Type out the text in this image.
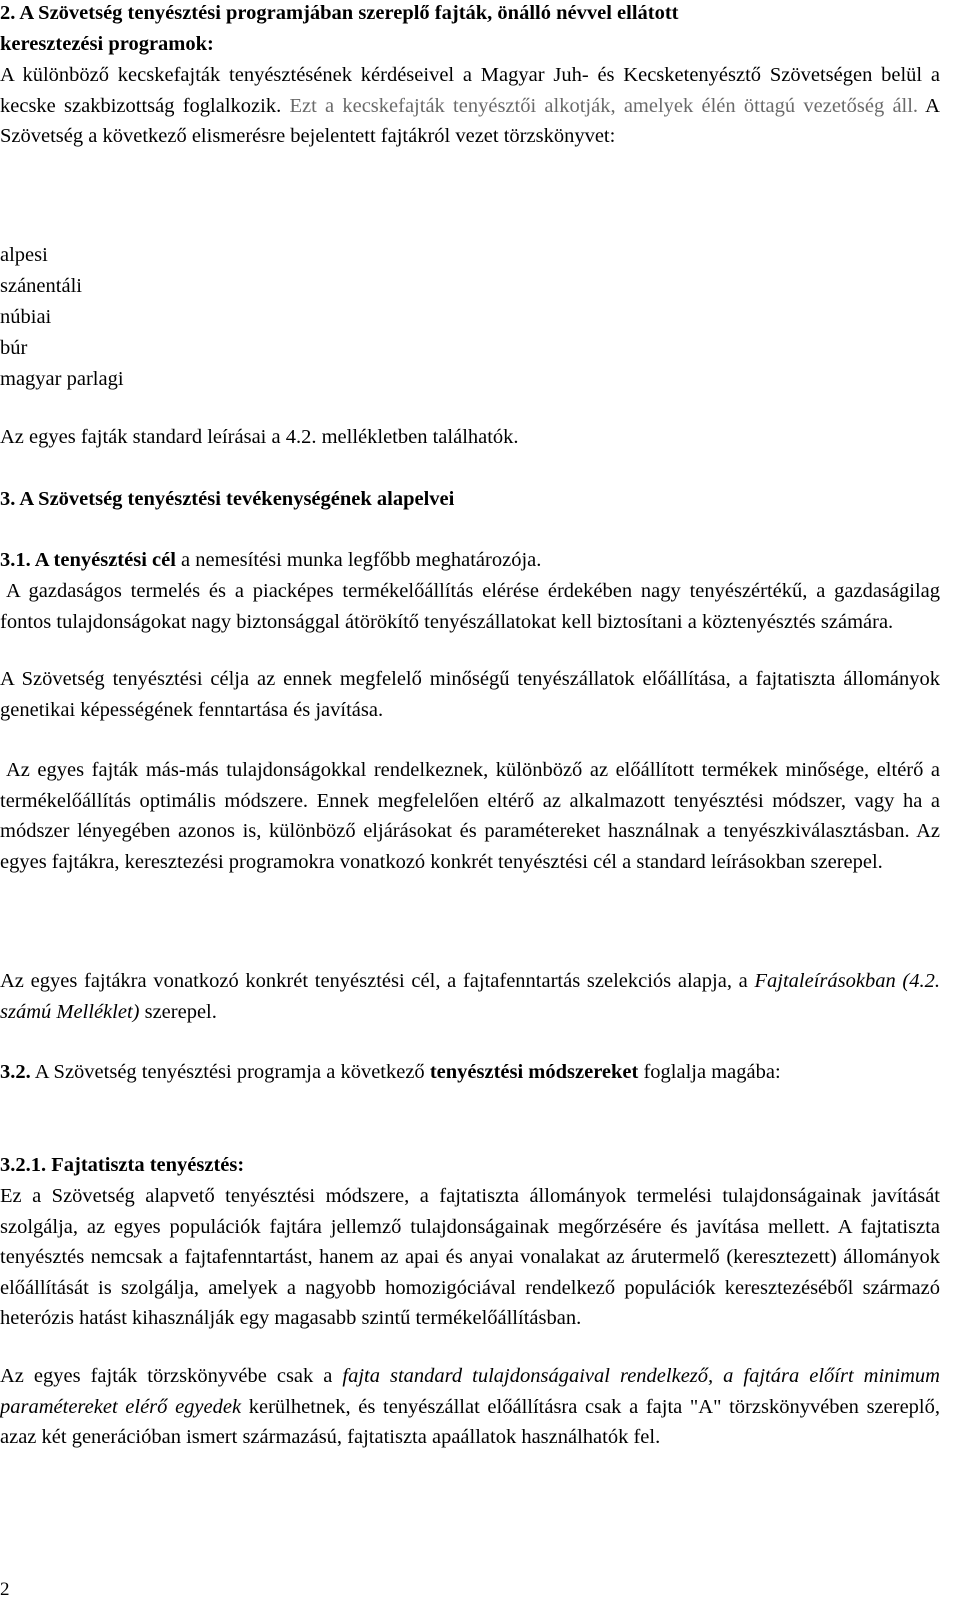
2. A Szövetség tenyésztési programjában szereplő fajták, önálló névvel ellátott
keresztezési programok:

A különböző kecskefajták tenyésztésének kérdéseivel a Magyar Juh- és Kecsketenyésztő Szövetségen belül a kecske szakbizottság foglalkozik. Ezt a kecskefajták tenyésztői alkotják, amelyek élén öttagú vezetőség áll. A Szövetség a következő elismerésre bejelentett fajtákról vezet törzskönyvet:

alpesi
szánentáli
núbiai
búr
magyar parlagi

Az egyes fajták standard leírásai a 4.2. mellékletben találhatók.

3. A Szövetség tenyésztési tevékenységének alapelvei

3.1. A tenyésztési cél a nemesítési munka legfőbb meghatározója.

A gazdaságos termelés és a piacképes termékelőállítás elérése érdekében nagy tenyészértékű, a gazdaságilag fontos tulajdonságokat nagy biztonsággal átörökítő tenyészállatokat kell biztosítani a köztenyésztés számára.

A Szövetség tenyésztési célja az ennek megfelelő minőségű tenyészállatok előállítása, a fajtatiszta állományok genetikai képességének fenntartása és javítása.

Az egyes fajták más-más tulajdonságokkal rendelkeznek, különböző az előállított termékek minősége, eltérő a termékelőállítás optimális módszere. Ennek megfelelően eltérő az alkalmazott tenyésztési módszer, vagy ha a módszer lényegében azonos is, különböző eljárásokat és paramétereket használnak a tenyészkiválasztásban. Az egyes fajtákra, keresztezési programokra vonatkozó konkrét tenyésztési cél a standard leírásokban szerepel.

Az egyes fajtákra vonatkozó konkrét tenyésztési cél, a fajtafenntartás szelekciós alapja, a Fajtaleírásokban (4.2. számú Melléklet) szerepel.

3.2. A Szövetség tenyésztési programja a következő tenyésztési módszereket foglalja magába:

3.2.1. Fajtatiszta tenyésztés:

Ez a Szövetség alapvető tenyésztési módszere, a fajtatiszta állományok termelési tulajdonságainak javítását szolgálja, az egyes populációk fajtára jellemző tulajdonságainak megőrzésére és javítása mellett. A fajtatiszta tenyésztés nemcsak a fajtafenntartást, hanem az apai és anyai vonalakat az árutermelő (keresztezett) állományok előállítását is szolgálja, amelyek a nagyobb homozigóciával rendelkező populációk keresztezéséből származó heterózis hatást kihasználják egy magasabb szintű termékelőállításban.

Az egyes fajták törzskönyvébe csak a fajta standard tulajdonságaival rendelkező, a fajtára előírt minimum paramétereket elérő egyedek kerülhetnek, és tenyészállat előállításra csak a fajta "A" törzskönyvében szereplő, azaz két generációban ismert származású, fajtatiszta apaállatok használhatók fel.

2
